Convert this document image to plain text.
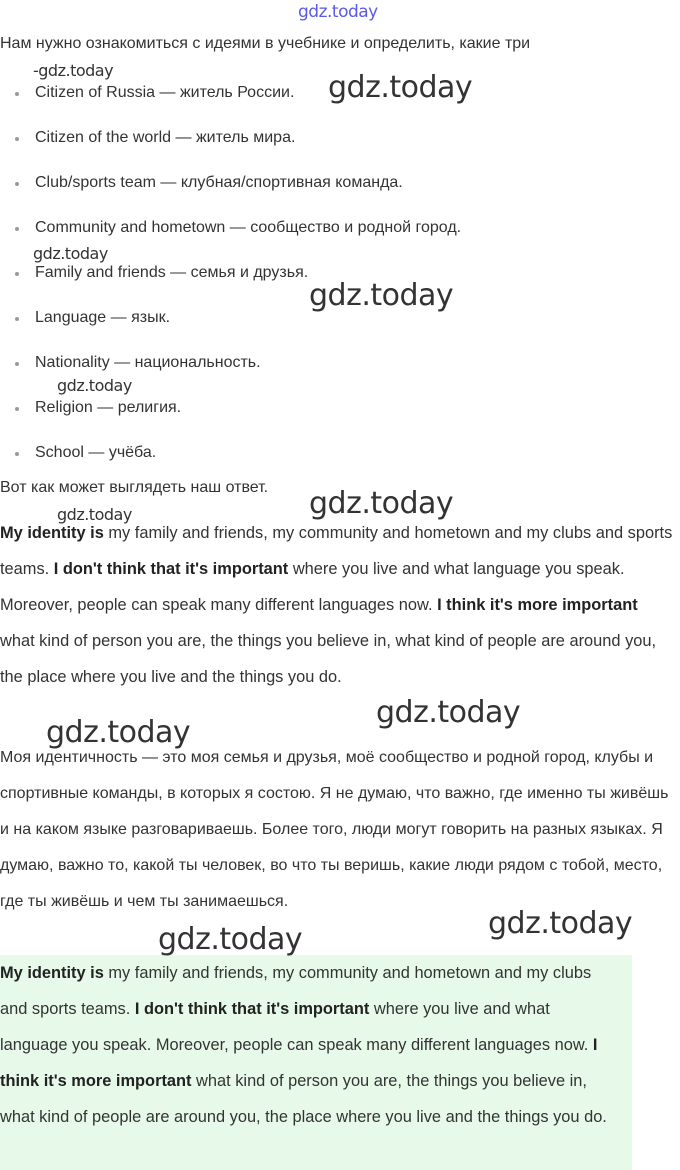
gdz.today
Нам нужно ознакомиться с идеями в учебнике и определить, какие три
Citizen of Russia — житель России.
Citizen of the world — житель мира.
Club/sports team — клубная/спортивная команда.
Community and hometown — сообщество и родной город.
Family and friends — семья и друзья.
Language — язык.
Nationality — национальность.
Religion — религия.
School — учёба.
Вот как может выглядеть наш ответ.

My identity is my family and friends, my community and hometown and my clubs and sports teams. I don't think that it's important where you live and what language you speak. Moreover, people can speak many different languages now. I think it's more important what kind of person you are, the things you believe in, what kind of people are around you, the place where you live and the things you do.

Моя идентичность — это моя семья и друзья, моё сообщество и родной город, клубы и спортивные команды, в которых я состою. Я не думаю, что важно, где именно ты живёшь и на каком языке разговариваешь. Более того, люди могут говорить на разных языках. Я думаю, важно то, какой ты человек, во что ты веришь, какие люди рядом с тобой, место, где ты живёшь и чем ты занимаешься.

My identity is my family and friends, my community and hometown and my clubs and sports teams. I don't think that it's important where you live and what language you speak. Moreover, people can speak many different languages now. I think it's more important what kind of person you are, the things you believe in, what kind of people are around you, the place where you live and the things you do.

-gdz.today	gdz.today
gdz.today
gdz.today
gdz.today
gdz.today
gdz.today
gdz.today
gdz.today
gdz.today
gdz.today
